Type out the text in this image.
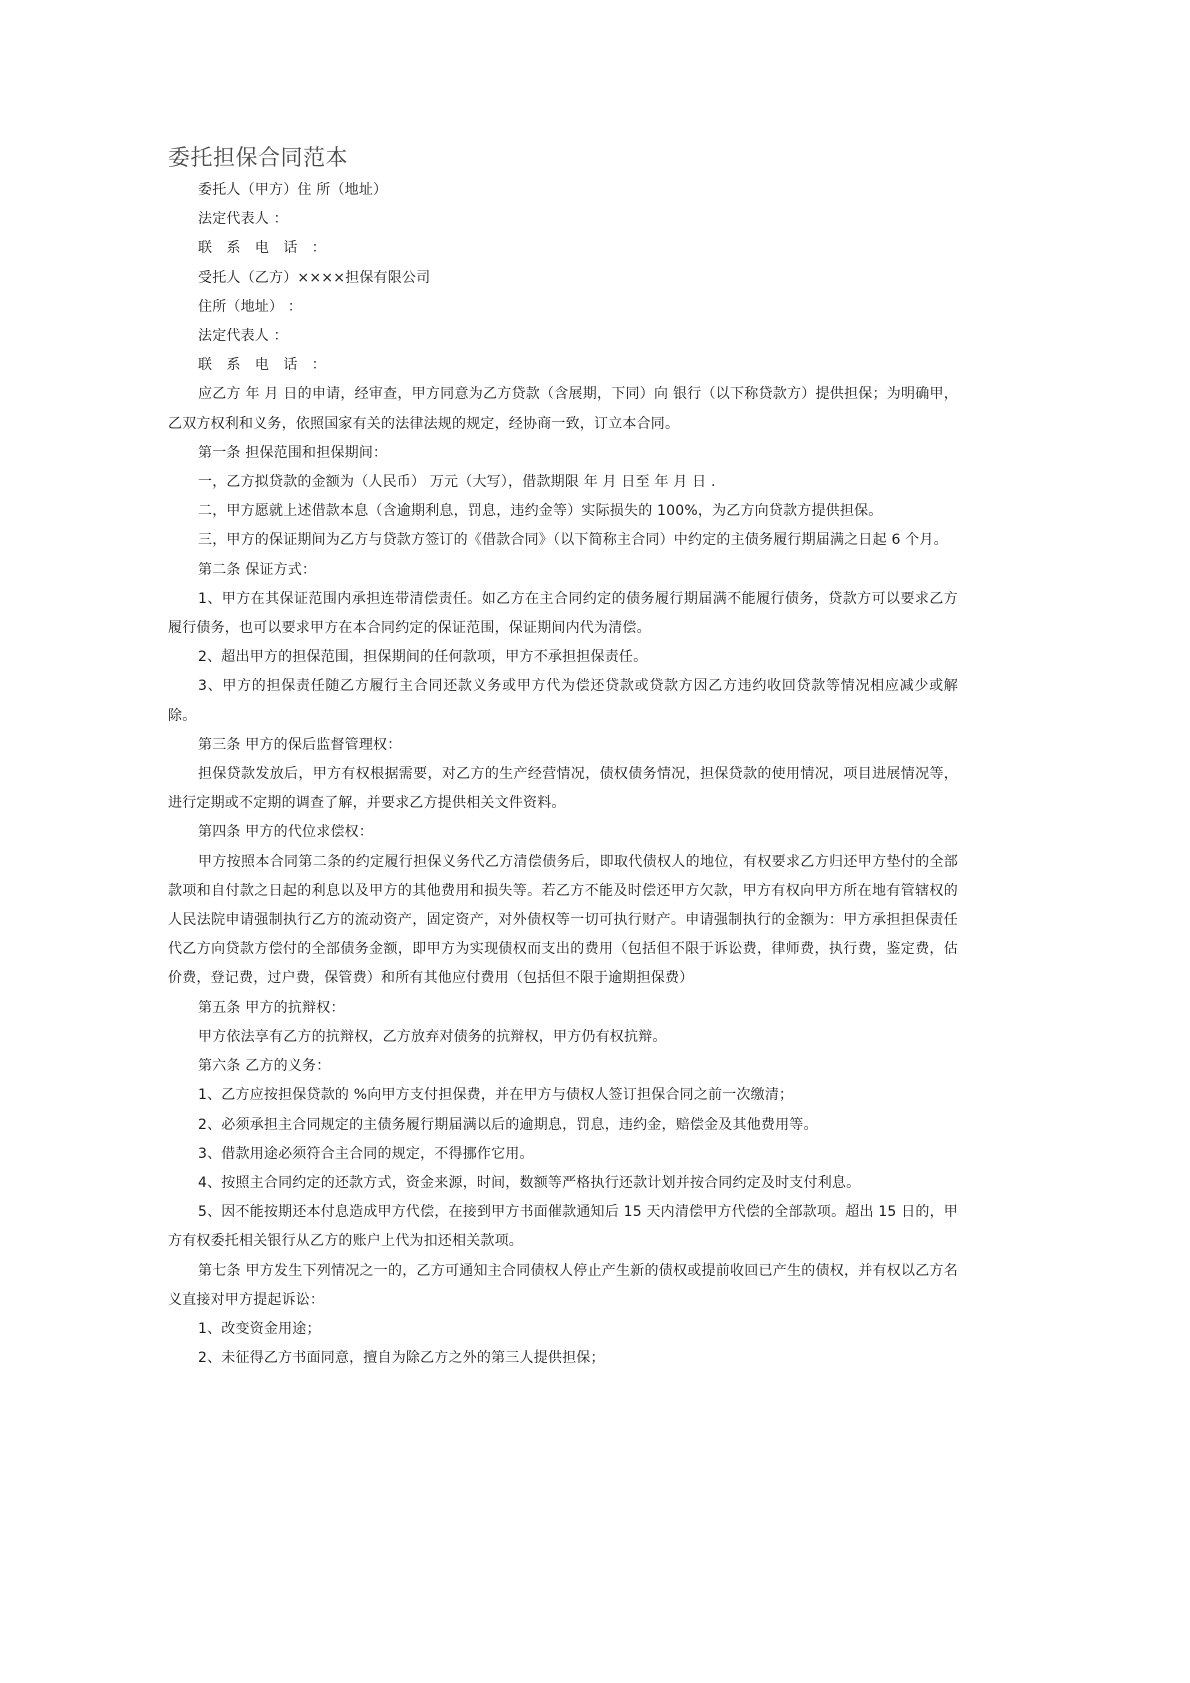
委托担保合同范本

委托人（甲方）住 所（地址）

法定代表人 ：

联 系 电 话 ：

受托人（乙方）××××担保有限公司

住所（地址） ：

法定代表人 ：

联 系 电 话 ：

应乙方 年 月 日的申请，经审查，甲方同意为乙方贷款（含展期，下同）向 银行（以下称贷款方）提供担保；为明确甲，乙双方权利和义务，依照国家有关的法律法规的规定，经协商一致，订立本合同。

第一条 担保范围和担保期间：

一，乙方拟贷款的金额为（人民币） 万元（大写），借款期限 年 月 日至 年 月 日 .

二，甲方愿就上述借款本息（含逾期利息，罚息，违约金等）实际损失的 100%，为乙方向贷款方提供担保。

三，甲方的保证期间为乙方与贷款方签订的《借款合同》（以下简称主合同）中约定的主债务履行期届满之日起 6 个月。

第二条 保证方式：

1、甲方在其保证范围内承担连带清偿责任。如乙方在主合同约定的债务履行期届满不能履行债务，贷款方可以要求乙方履行债务，也可以要求甲方在本合同约定的保证范围，保证期间内代为清偿。

2、超出甲方的担保范围，担保期间的任何款项，甲方不承担担保责任。

3、甲方的担保责任随乙方履行主合同还款义务或甲方代为偿还贷款或贷款方因乙方违约收回贷款等情况相应减少或解除。

第三条 甲方的保后监督管理权：

担保贷款发放后，甲方有权根据需要，对乙方的生产经营情况，债权债务情况，担保贷款的使用情况，项目进展情况等，进行定期或不定期的调查了解，并要求乙方提供相关文件资料。

第四条 甲方的代位求偿权：

甲方按照本合同第二条的约定履行担保义务代乙方清偿债务后，即取代债权人的地位，有权要求乙方归还甲方垫付的全部款项和自付款之日起的利息以及甲方的其他费用和损失等。若乙方不能及时偿还甲方欠款，甲方有权向甲方所在地有管辖权的人民法院申请强制执行乙方的流动资产，固定资产，对外债权等一切可执行财产。申请强制执行的金额为：甲方承担担保责任代乙方向贷款方偿付的全部债务金额，即甲方为实现债权而支出的费用（包括但不限于诉讼费，律师费，执行费，鉴定费，估价费，登记费，过户费，保管费）和所有其他应付费用（包括但不限于逾期担保费）

第五条 甲方的抗辩权：

甲方依法享有乙方的抗辩权，乙方放弃对债务的抗辩权，甲方仍有权抗辩。

第六条 乙方的义务：

1、乙方应按担保贷款的 %向甲方支付担保费，并在甲方与债权人签订担保合同之前一次缴清；

2、必须承担主合同规定的主债务履行期届满以后的逾期息，罚息，违约金，赔偿金及其他费用等。

3、借款用途必须符合主合同的规定，不得挪作它用。

4、按照主合同约定的还款方式，资金来源，时间，数额等严格执行还款计划并按合同约定及时支付利息。

5、因不能按期还本付息造成甲方代偿，在接到甲方书面催款通知后 15 天内清偿甲方代偿的全部款项。超出 15 日的，甲方有权委托相关银行从乙方的账户上代为扣还相关款项。

第七条 甲方发生下列情况之一的，乙方可通知主合同债权人停止产生新的债权或提前收回已产生的债权，并有权以乙方名义直接对甲方提起诉讼：

1、改变资金用途；

2、未征得乙方书面同意，擅自为除乙方之外的第三人提供担保；
